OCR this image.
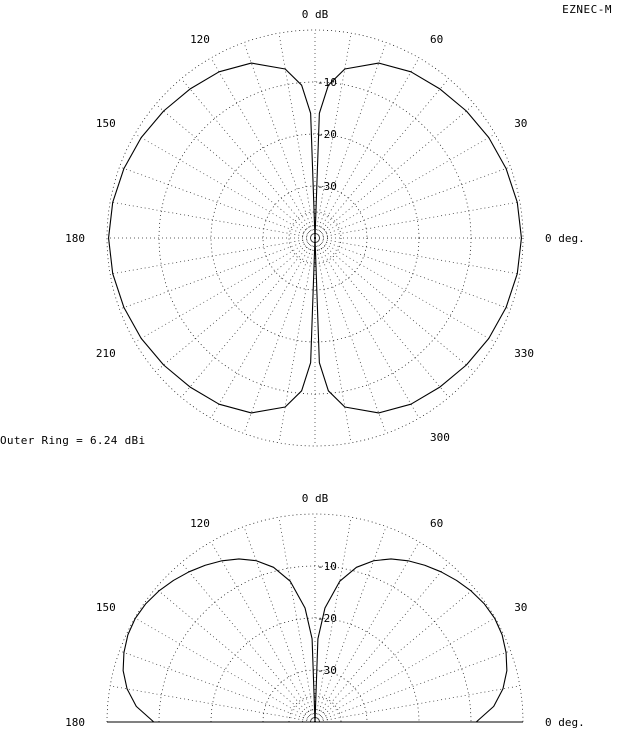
EZNEC-M
Outer Ring = 6.24 dBi
-10
-20
-30
0 deg.
30
60
0 dB
120
150
180
210
300
330
-10
-20
-30
0 deg.
30
60
0 dB
120
150
180
